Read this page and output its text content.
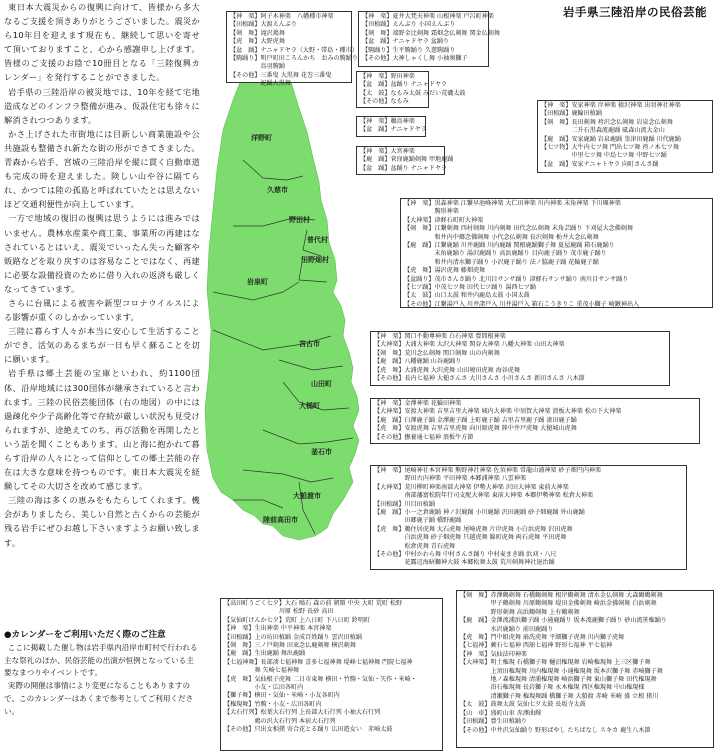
東日本大震災からの復興に向けて、皆様から多大なるご支援を頂きありがとうございました。震災から10年目を迎えます現在も、継続して思いを寄せて頂いておりますこと、心から感謝申し上げます。皆様のご支援のお陰で10冊目となる「三陸復興カレンダー」を発行することができました。

岩手県の三陸沿岸の被災地では、10年を経て宅地造成などのインフラ整備が進み、仮設住宅も徐々に解消されつつあります。

かさ上げされた市街地には目新しい商業施設や公共施設も整備され新たな街の形ができてきました。青森から岩手、宮城の三陸沿岸を縦に貫く自動車道も完成の時を迎えました。険しい山や谷に隔てられ、かつては陸の孤島と呼ばれていたとは思えないほど交通利便性が向上しています。

一方で地域の復旧の復興は思うようには進みではいません。農林水産業や商工業、事業所の再建はなされているとはいえ、震災でいったん失った顧客や販路などを取り戻すのは容易なことではなく、再建に必要な設備投資のために借り入れの返済も厳しくなってきています。

さらに台風による被害や新型コロナウイルスによる影響が重くのしかかっています。

三陸に暮らす人々が本当に安心して生活することができ、活気のあるまちが一日も早く蘇ることを切に願います。

岩手県は郷土芸能の宝庫といわれ、約1100団体、沿岸地域には300団体が継承されていると言われます。三陸の民俗芸能団体（右の地図）の中には過疎化や少子高齢化等で存続が厳しい状況も見受けられますが、途絶えてのち、再び活動を再開したという話を聞くこともあります。山と海に抱かれて暮らす沿岸の人々にとって信仰としての郷土芸能の存在は大きな意味を持つものです。東日本大震災を経験してその大切さを改めて感じます。

三陸の海は多くの恵みをもたらしてくれます。機会がありましたら、美しい自然と古くからの芸能が残る岩手にぜひお越し下さいますようお願い致します。

●カレンダーをご利用いただく際のご注意

ここに掲載した催し物は岩手県内沿岸市町村で行われる主な祭礼のほか、民俗芸能の出演が恒例となっている主要なまつりやイベントです。

実際の開催は事情により変更になることもありますので、このカレンダーはあくまで参考としてご利用ください。

岩手県三陸沿岸の民俗芸能
洋野町
久慈市
野田村
普代村
田野畑村
岩泉町
宮古市
山田町
大槌町
釜石市
大船渡市
陸前高田市
【神　楽】阿子木神楽　八幡種市神楽
【田植踊】大渡えんぶり
【剣　舞】滝沢鶏舞
【虎　舞】大野虎舞
【盆　踊】ナニャドヤラ（大野・帯島・種市）
【駒踊り】明戸町田ころんかち　おみの駒踊り
　　　　　鳥羽駒踊
【その他】三番叟 大黒舞 花巻三番叟
　　　　　泥踊大黒舞
【神　楽】夏井大梵天神楽 山根神楽 戸呂町神楽
【田植踊】えんぶり 小国えんぶり
【剣　舞】端野金比剣舞 霜畑念仏剣舞 関金仏剣舞
【盆　踊】ナニャドヤラ 盆踊り
【駒踊り】生平駒踊り 久慈駒踊り
【その他】大神しゃくし舞 小袖奥獅子
【神　楽】野田神楽
【盆　踊】盆踊り ナニャドヤラ
【太　鼓】なもみ太鼓 みだい荒磯太鼓
【その他】なもみ
【神　楽】鵜鳥神楽
【盆　踊】ナニャドヤラ
【神　楽】大宮神楽
【鹿　踊】菅窪鹿踊剣舞 甲地鹿踊
【盆　踊】盆踊り ナニャドヤラ
【神　楽】安家神楽 岸神楽 猿沢神楽 出羽神社神楽
【田植踊】鹿輪田植踊
【剣　舞】長田剣舞 袴沢念仏剣舞 岩泉念仏剣舞
　　　　　二升石黒森流鹿踊 砥森山流大金山
【鹿　踊】安家鹿踊 岩泉鹿踊 釜津田鹿踊 川代鹿踊
【七ツ物】大牛内七ツ舞 門出七ツ舞 袴ノ木七ツ舞
　　　　　中里七ツ舞 中島七ツ舞 中野七ツ踊
【盆　踊】安家ナニャトヤラ 向町さんさ踊
【神　楽】黒森神楽 江繋早池峰神楽 大仁田神楽 川内神楽 末角神楽 下川堰神楽
　　　　　駒形神楽
【大神楽】津軽石町町大神楽
【剣　舞】江繋剣舞 四村剣舞 川内剣舞 田代念仏剣舞 末角芸踊り 下刈屋大念佛剣舞
　　　　　和井内中郷念佛剣舞 小代念仏剣舞 長沢剣舞 栃井大念仏剣舞
【鹿　踊】江繋鹿踊 川井鹿踊 川内鹿踊 関根鹿踊獅子舞 夏屋鹿踊 箱石鹿踊り
　　　　　末角鹿踊り 湯沢鹿踊り 高浜鹿踊り 目向鹿子踊り 茂市鹿子踊り
　　　　　和井内清水獅子踊り 小沢鹿子踊り 法ノ脇鹿子踊 花輪鹿子踊
【虎　舞】湯沢虎舞 藤畑虎舞
【盆踊り】茂市さんさ踊り 北川目サンサ踊り 津軽石サンサ踊り 南川目サンサ踊り
【七ツ踊】中茂七ツ舞 田代七ツ踊り 湯西七ツ踊
【太　鼓】山口太鼓 和井内鹿島太鼓 小国太鼓
【その他】江繋湯戸入 川井諸戸入 川井湯戸入 箱石こうきりこ 重茂小獅子 崎鍬神出入
【神　楽】関口不動尊神楽 白石神楽 豊間根神楽
【大神楽】大浦大神楽 大沢大神楽 関谷大神楽 八幡大神楽 山田大神楽
【剣　舞】荒川念仏剣舞 関口剣舞 山の内剣舞
【鹿　踊】八幡鹿踊 山谷鹿踊り
【虎　舞】大浦虎舞 大沢虎舞 山田境田虎舞 海谷虎舞
【その他】長内七福神 大槌さんさ 大川さんさ 小川さんさ 新田さんさ 八木節
【神　楽】金澤神楽 花輪田神楽
【大神楽】安渡大神楽 吉里吉里大神楽 城内大神楽 中須賀大神楽 浪板大神楽 松の下大神楽
【鹿　踊】臼澤鹿子踊 金澤鹿子踊 上町鹿子踊 吉里吉里鹿子踊 湊田鹿子踊
【虎　舞】安渡虎舞 吉里吉里虎舞 向川原虎舞 陸中井戸虎舞 大槌城山虎舞
【その他】撫養通七福神 浪板牛方節
【神　楽】尾崎神社本宮神楽 熊野神社神楽 佐須神楽 常龍山浦神楽 砂子畑円内神楽
　　　　　野田古内神楽 平田神楽 本郷浦神楽 八雲神楽
【大神楽】荒川柳町神楽南部大神楽 伊勢大神楽 沢田大神楽 東前大神楽
　　　　　南部藩富松院年行司支配大神楽 東前大神楽 本郷伊勢神楽 松倉大神楽
【田植踊】川目田植踊
【鹿　踊】小一之倉鹿踊 神ノ沢鹿踊 小川鹿踊 沢田鹿踊 砂子畑鹿踊 外山鹿踊
　　　　　田郷鹿子踊 橋野鹿踊
【虎　舞】鵜住居虎舞 大石虎舞 尾崎虎舞 片岸虎舞 小白浜虎舞 沢田虎舞
　　　　　白浜虎舞 砂子畑虎舞 只越虎舞 錦町虎舞 両石虎舞 平田虎舞
　　　　　松倉虎舞 青石虎舞
【その他】中村かわら舞 中村さんさ踊り 中村麦まき踊 浜刈・八尺
　　　　　花露辺海暗獅神大鼓 本郷松舞太鼓 荒川剣舞神社退治踊
【高田町うごく七夕】大石 鳴石 森の前 朝額 中央 大町 荒町 松野
　　　　　　　　　川原 松野 長砂 高田
【気仙町けんか七夕】荒町 上八日町 下八日町 鈴明町
【神　楽】生出神楽 中平神楽 本宮神楽
【田植踊】上の坊田植踊 金成百姓踊り 雲沢田植踊
【剣　舞】三ノ戸剣舞 田束念仏鹿剣舞 横沢剣舞
【鹿　踊】生出鹿踊 舞出鹿踊
【七福神舞】長部湊七福神舞 喜多七福神舞 堤峰七福神舞 門院七福神
　　　　　舞 矢崎七福神舞
【虎　舞】気仙根子虎舞 二日市東舞 横田・竹駒・気仙・矢作・米崎・
　　　　　小友・広田各町内
【獅子舞】横田・気仙・米崎・小友各町内
【権現舞】竹駒・小友・広田各町内
【大石行列】松葉大石行列 上長部大石行列 小袖大石行列
　　　　　鶉の沢大石行列 本宿大石行列
【その他】只出女相撲 寄合花とる踊り 広田遊女い　赤崎太鼓
【剣　舞】赤澤鶴剣舞 石橋鶴剣舞 根岸鶴剣舞 清水金仏剣舞 大森鶴鶴剣舞
　　　　　甲子鶴剣舞 川原鶴剣舞 堤田金佛剣舞 崎浜金佛剣舞 白浜剣舞
　　　　　野形剣舞 高浜鶴剣舞 上有鶴剣舞
【鹿　踊】金澤流浦浜獅子踊 小通鹿踊り 坂本流鹿獅子踊り 砂山流笹権踊り
　　　　　水沢鹿踊り 前田鹿踊り
【虎　舞】門中組虎舞 扇洗虎舞 平細獅子虎舞 川内獅子虎舞
【七福神】蕨石七福神 西舘七福神 野形七福神 平七福神
【神　楽】気仙法印神楽
【大神楽】明土権現 石橋獅子舞 樋沼権現舞 岩崎権現舞 上三区獅子舞
　　　　　上須田権現舞 川内権現舞 小通権現舞 坂本沢獅子舞 赤崎獅子舞
　　　　　地ノ森権現舞 清浦権現舞 崎浜獅子舞 東山獅子舞 田代権現舞
　　　　　沿石権現舞 長岩獅子舞 永木権現 西区権現舞 中山権現様
　　　　　清瀬獅子舞 権現舞踊 橋獅子舞 大船渡 赤崎 米崎 盛 立根 猪川
【太　鼓】鼓舞太鼓 気仙七夕太鼓 長坂寺太鼓
【山　車】盛町山車 赤澤曲輝
【田植踊】豊生田植踊り
【その他】中井沢気仙踊り 野形ばやし たちばなし スキカ 鹿生八木節
